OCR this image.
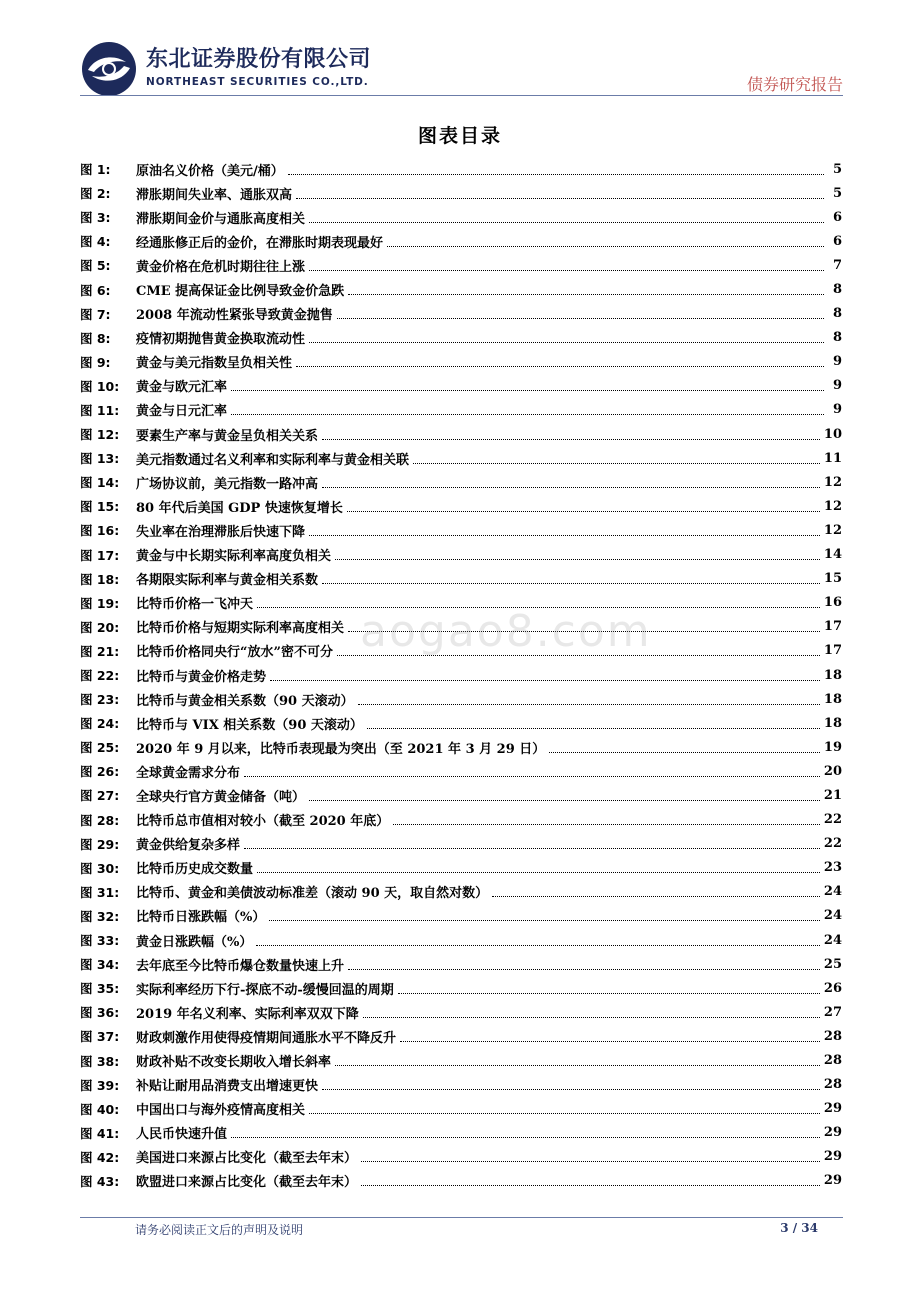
东北证券股份有限公司
NORTHEAST SECURITIES CO.,LTD.	债券研究报告
图表目录
图 1:	原油名义价格（美元/桶）	5
图 2:	滞胀期间失业率、通胀双高	5
图 3:	滞胀期间金价与通胀高度相关	6
图 4:	经通胀修正后的金价，在滞胀时期表现最好	6
图 5:	黄金价格在危机时期往往上涨	7
图 6:	CME 提高保证金比例导致金价急跌	8
图 7:	2008 年流动性紧张导致黄金抛售	8
图 8:	疫情初期抛售黄金换取流动性	8
图 9:	黄金与美元指数呈负相关性	9
图 10:	黄金与欧元汇率	9
图 11:	黄金与日元汇率	9
图 12:	要素生产率与黄金呈负相关关系	10
图 13:	美元指数通过名义利率和实际利率与黄金相关联	11
图 14:	广场协议前，美元指数一路冲高	12
图 15:	80 年代后美国 GDP 快速恢复增长	12
图 16:	失业率在治理滞胀后快速下降	12
图 17:	黄金与中长期实际利率高度负相关	14
图 18:	各期限实际利率与黄金相关系数	15
图 19:	比特币价格一飞冲天	16
图 20:	比特币价格与短期实际利率高度相关	17
图 21:	比特币价格同央行“放水”密不可分	17
图 22:	比特币与黄金价格走势	18
图 23:	比特币与黄金相关系数（90 天滚动）	18
图 24:	比特币与 VIX 相关系数（90 天滚动）	18
图 25:	2020 年 9 月以来，比特币表现最为突出（至 2021 年 3 月 29 日）	19
图 26:	全球黄金需求分布	20
图 27:	全球央行官方黄金储备（吨）	21
图 28:	比特币总市值相对较小（截至 2020 年底）	22
图 29:	黄金供给复杂多样	22
图 30:	比特币历史成交数量	23
图 31:	比特币、黄金和美债波动标准差（滚动 90 天，取自然对数）	24
图 32:	比特币日涨跌幅（%）	24
图 33:	黄金日涨跌幅（%）	24
图 34:	去年底至今比特币爆仓数量快速上升	25
图 35:	实际利率经历下行-探底不动-缓慢回温的周期	26
图 36:	2019 年名义利率、实际利率双双下降	27
图 37:	财政刺激作用使得疫情期间通胀水平不降反升	28
图 38:	财政补贴不改变长期收入增长斜率	28
图 39:	补贴让耐用品消费支出增速更快	28
图 40:	中国出口与海外疫情高度相关	29
图 41:	人民币快速升值	29
图 42:	美国进口来源占比变化（截至去年末）	29
图 43:	欧盟进口来源占比变化（截至去年末）	29
aogao8.com
请务必阅读正文后的声明及说明	3 / 34
